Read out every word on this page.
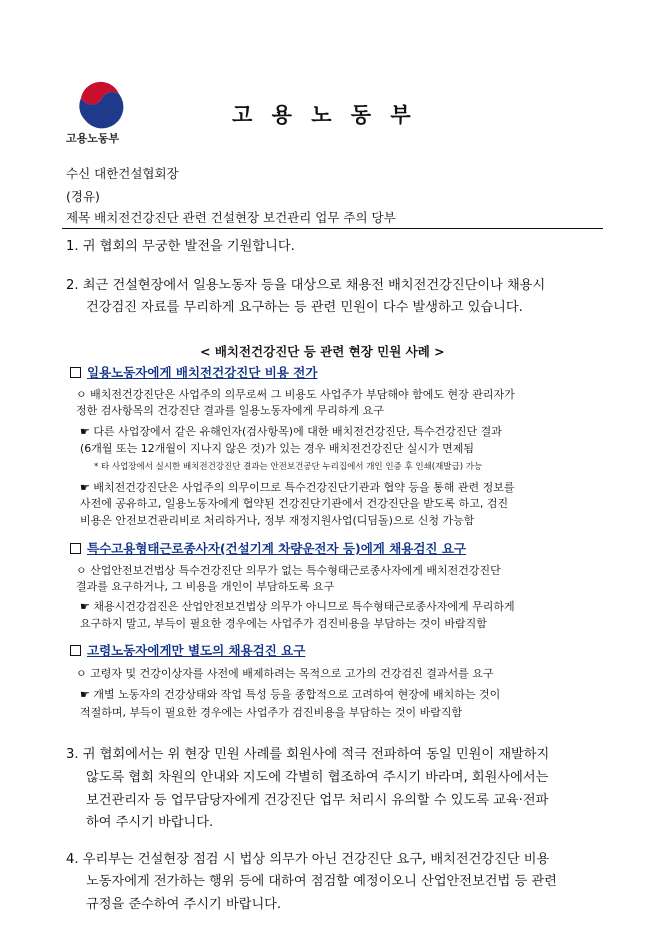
고용노동부
고 용 노 동 부
수신 대한건설협회장
(경유)
제목 배치전건강진단 관련 건설현장 보건관리 업무 주의 당부
1. 귀 협회의 무궁한 발전을 기원합니다.
2. 최근 건설현장에서 일용노동자 등을 대상으로 채용전 배치전건강진단이나 채용시
건강검진 자료를 무리하게 요구하는 등 관련 민원이 다수 발생하고 있습니다.
< 배치전건강진단 등 관련 현장 민원 사례 >
일용노동자에게 배치전건강진단 비용 전가
ㅇ 배치전건강진단은 사업주의 의무로써 그 비용도 사업주가 부담해야 함에도 현장 관리자가
정한 검사항목의 건강진단 결과를 일용노동자에게 무리하게 요구
☛ 다른 사업장에서 같은 유해인자(검사항목)에 대한 배치전건강진단, 특수건강진단 결과
(6개월 또는 12개월이 지나지 않은 것)가 있는 경우 배치전건강진단 실시가 면제됨
* 타 사업장에서 실시한 배치전건강진단 결과는 안전보건공단 누리집에서 개인 인증 후 인쇄(재발급) 가능
☛ 배치전건강진단은 사업주의 의무이므로 특수건강진단기관과 협약 등을 통해 관련 정보를
사전에 공유하고, 일용노동자에게 협약된 건강진단기관에서 건강진단을 받도록 하고, 검진
비용은 안전보건관리비로 처리하거나, 정부 재정지원사업(디딤돌)으로 신청 가능함
특수고용형태근로종사자(건설기계 차량운전자 등)에게 채용검진 요구
ㅇ 산업안전보건법상 특수건강진단 의무가 없는 특수형태근로종사자에게 배치전건강진단
결과를 요구하거나, 그 비용을 개인이 부담하도록 요구
☛ 채용시건강검진은 산업안전보건법상 의무가 아니므로 특수형태근로종사자에게 무리하게
요구하지 말고, 부득이 필요한 경우에는 사업주가 검진비용을 부담하는 것이 바람직함
고령노동자에게만 별도의 채용검진 요구
ㅇ 고령자 및 건강이상자를 사전에 배제하려는 목적으로 고가의 건강검진 결과서를 요구
☛ 개별 노동자의 건강상태와 작업 특성 등을 종합적으로 고려하여 현장에 배치하는 것이
적절하며, 부득이 필요한 경우에는 사업주가 검진비용을 부담하는 것이 바람직함
3. 귀 협회에서는 위 현장 민원 사례를 회원사에 적극 전파하여 동일 민원이 재발하지
않도록 협회 차원의 안내와 지도에 각별히 협조하여 주시기 바라며, 회원사에서는
보건관리자 등 업무담당자에게 건강진단 업무 처리시 유의할 수 있도록 교육·전파
하여 주시기 바랍니다.
4. 우리부는 건설현장 점검 시 법상 의무가 아닌 건강진단 요구, 배치전건강진단 비용
노동자에게 전가하는 행위 등에 대하여 점검할 예정이오니 산업안전보건법 등 관련
규정을 준수하여 주시기 바랍니다.
